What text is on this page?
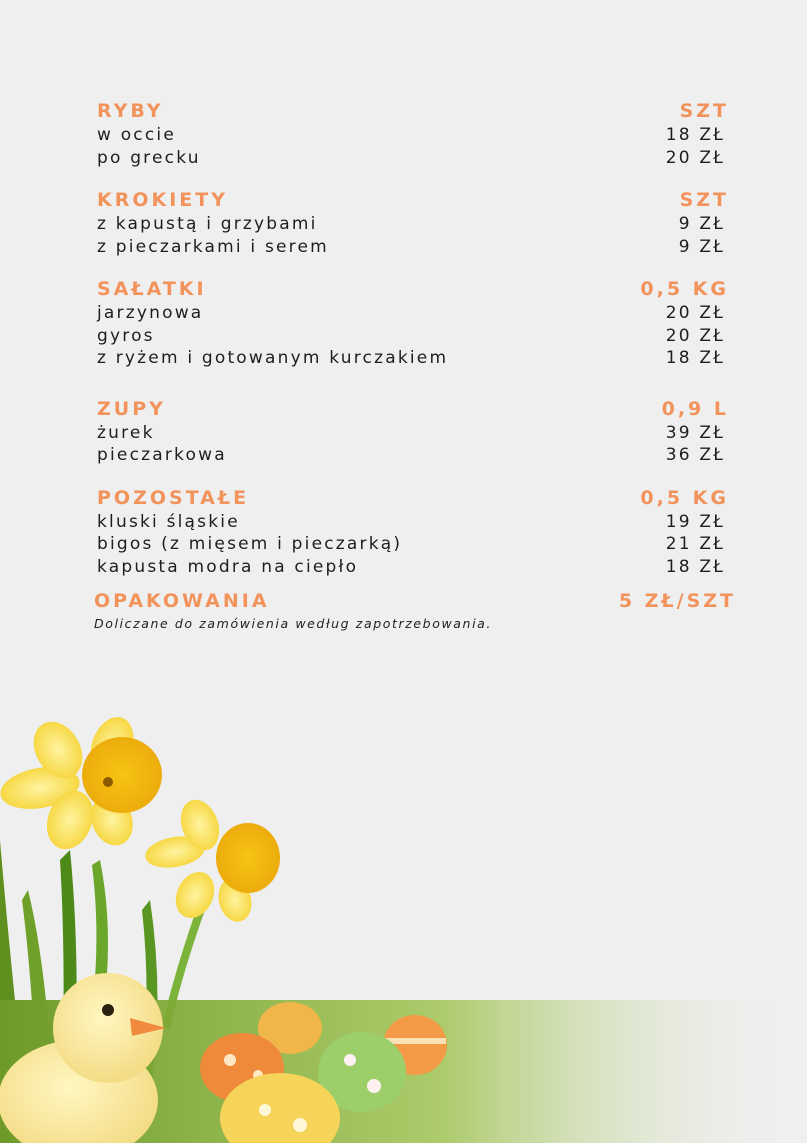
RYBY	SZT
w occie	18 ZŁ
po grecku	20 ZŁ
KROKIETY	SZT
z kapustą i grzybami	9 ZŁ
z pieczarkami i serem	9 ZŁ
SAŁATKI	0,5 KG
jarzynowa	20 ZŁ
gyros	20 ZŁ
z ryżem i gotowanym kurczakiem	18 ZŁ
ZUPY	0,9 L
żurek	39 ZŁ
pieczarkowa	36 ZŁ
POZOSTAŁE	0,5 KG
kluski śląskie	19 ZŁ
bigos (z mięsem i pieczarką)	21 ZŁ
kapusta modra na ciepło	18 ZŁ
OPAKOWANIA	5 ZŁ/SZT
Doliczane do zamówienia według zapotrzebowania.
